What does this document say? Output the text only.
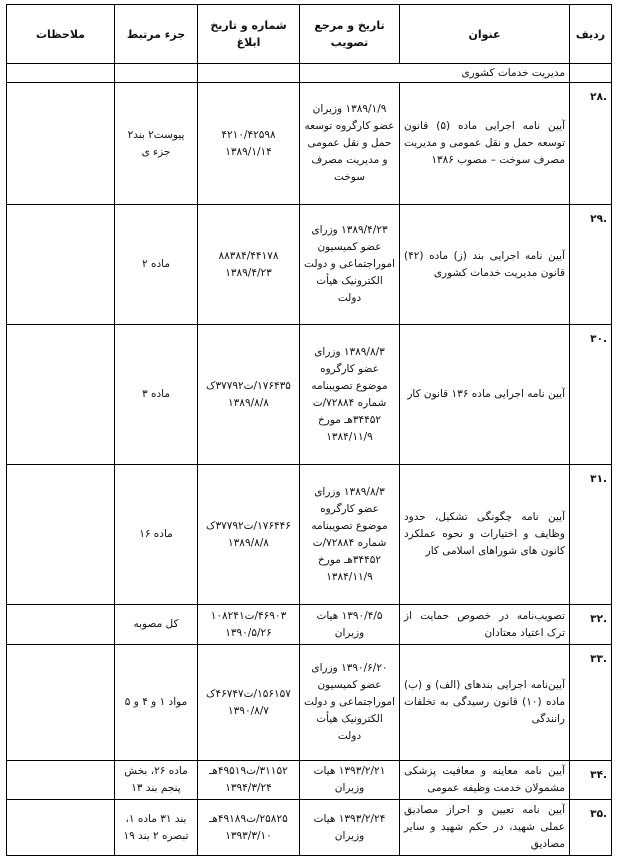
ردیف	عنوان	تاریخ و مرجع تصویب	شماره و تاریخ ابلاغ	جزء مرتبط	ملاحظات
	مدیریت خدمات کشوری				
.۲۸	آیین نامه اجرایی ماده (۵) قانون توسعه حمل و نقل عمومی و مدیریت مصرف سوخت – مصوب ۱۳۸۶	۱۳۸۹/۱/۹ وزیران عضو کارگروه توسعه حمل و نقل عمومی و مدیریت مصرف سوخت	۴۲۱۰/۴۲۵۹۸ ۱۳۸۹/۱/۱۴	پیوست۲ بند۲ جزء ی	
.۲۹	آیین نامه اجرایی بند (ز) ماده (۴۲) قانون مدیریت خدمات کشوری	۱۳۸۹/۴/۲۳ وزرای عضو کمیسیون اموراجتماعی و دولت الکترونیک هیأت دولت	۸۸۳۸۴/۴۴۱۷۸ ۱۳۸۹/۴/۲۳	ماده ۲	
.۳۰	آیین نامه اجرایی ماده ۱۳۶ قانون کار	۱۳۸۹/۸/۳ وزرای عضو کارگروه موضوع تصویبنامه شماره ۷۲۸۸۴/ت ۳۴۴۵۲هـ مورخ ۱۳۸۴/۱۱/۹	۱۷۶۴۳۵/ت۳۷۷۹۲ک ۱۳۸۹/۸/۸	ماده ۳	
.۳۱	آیین نامه چگونگی تشکیل، حدود وظایف و اختیارات و نحوه عملکرد کانون های شوراهای اسلامی کار	۱۳۸۹/۸/۳ وزرای عضو کارگروه موضوع تصویبنامه شماره ۷۲۸۸۴/ت ۳۴۴۵۲هـ مورخ ۱۳۸۴/۱۱/۹	۱۷۶۴۴۶/ت۳۷۷۹۲ک ۱۳۸۹/۸/۸	ماده ۱۶	
.۳۲	تصویب‌نامه در خصوص حمایت از ترک اعتیاد معتادان	۱۳۹۰/۴/۵ هیات وزیران	۴۶۹۰۳/ت۱۰۸۲۴۱ ۱۳۹۰/۵/۲۶	کل مصوبه	
.۳۳	آیین‌نامه اجرایی بندهای (الف) و (ب) ماده (۱۰) قانون رسیدگی به تخلفات رانندگی	۱۳۹۰/۶/۲۰ وزرای عضو کمیسیون اموراجتماعی و دولت الکترونیک هیأت دولت	۱۵۶۱۵۷/ت۴۶۷۴۷ک ۱۳۹۰/۸/۷	مواد ۱ و ۴ و ۵	
.۳۴	آیین نامه معاینه و معافیت پزشکی مشمولان خدمت وظیفه عمومی	۱۳۹۳/۲/۲۱ هیات وزیران	۳۱۱۵۲/ت۴۹۵۱۹هـ ۱۳۹۴/۳/۲۴	ماده ۲۶، بخش پنجم بند ۱۳	
.۳۵	آیین نامه تعیین و احراز مصادیق عملی شهید، در حکم شهید و سایر مصادیق	۱۳۹۳/۲/۲۴ هیات وزیران	۲۵۸۲۵/ت۴۹۱۸۹هـ ۱۳۹۳/۳/۱۰	بند ۳۱ ماده ۱، تبصره ۲ بند ۱۹	
